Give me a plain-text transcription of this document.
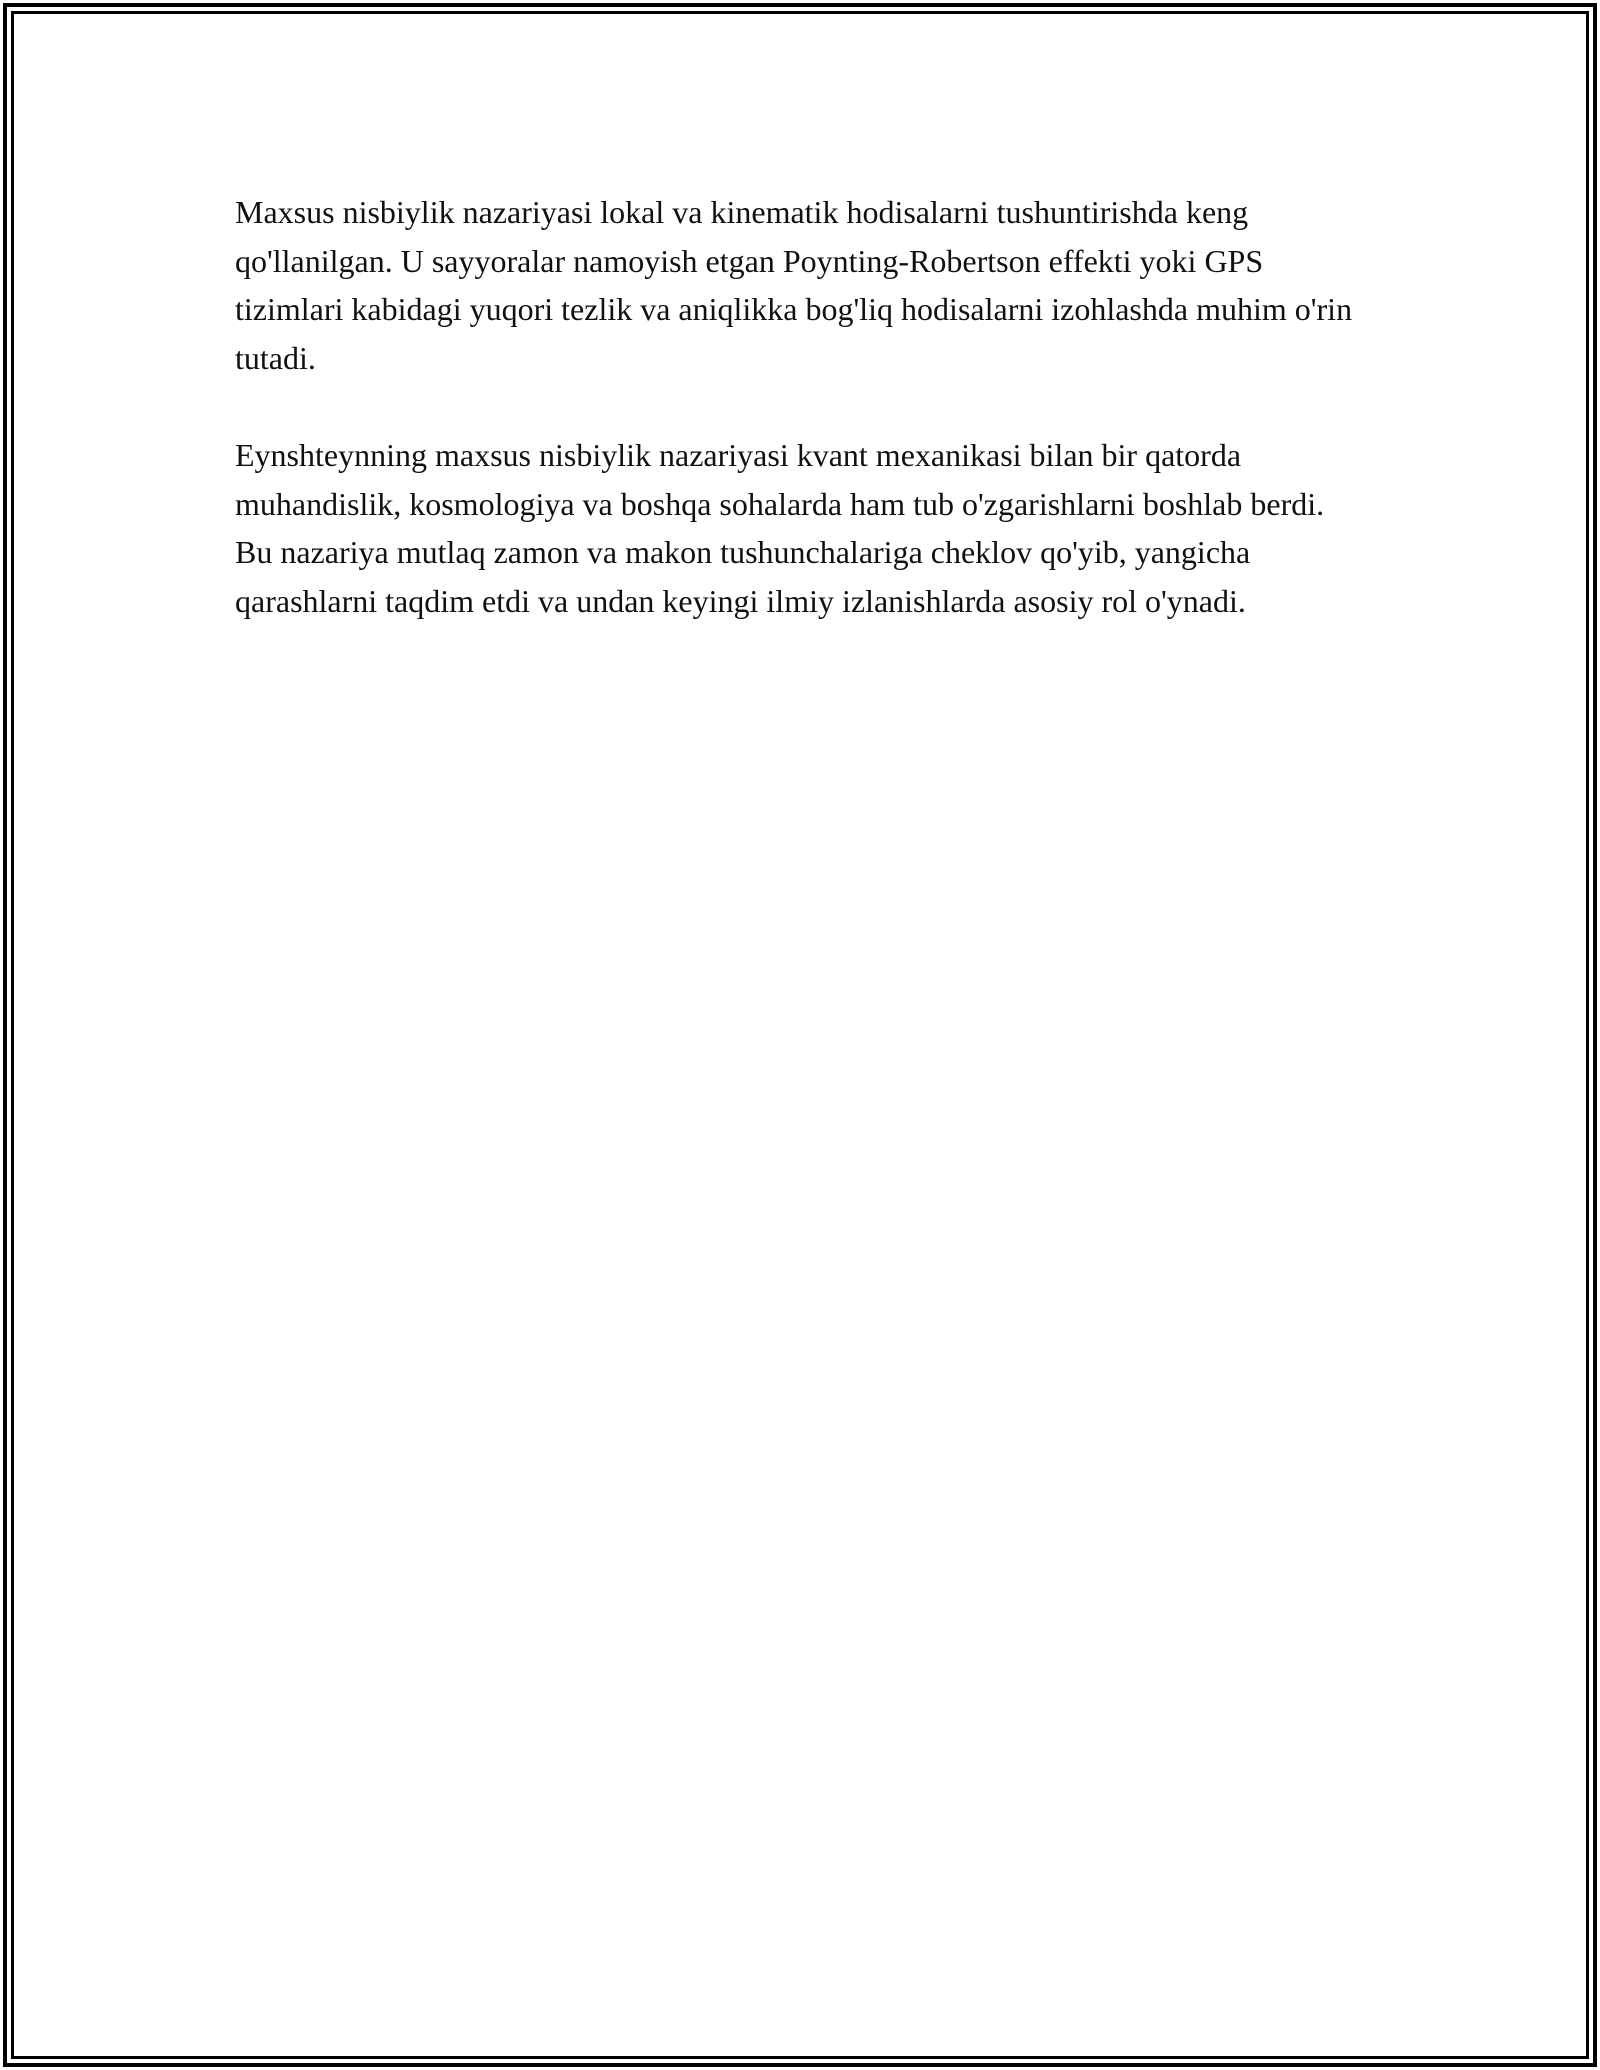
Maxsus nisbiylik nazariyasi lokal va kinematik hodisalarni tushuntirishda keng qo'llanilgan. U sayyoralar namoyish etgan Poynting-Robertson effekti yoki GPS tizimlari kabidagi yuqori tezlik va aniqlikka bog'liq hodisalarni izohlashda muhim o'rin tutadi.

Eynshteynning maxsus nisbiylik nazariyasi kvant mexanikasi bilan bir qatorda muhandislik, kosmologiya va boshqa sohalarda ham tub o'zgarishlarni boshlab berdi. Bu nazariya mutlaq zamon va makon tushunchalariga cheklov qo'yib, yangicha qarashlarni taqdim etdi va undan keyingi ilmiy izlanishlarda asosiy rol o'ynadi.
